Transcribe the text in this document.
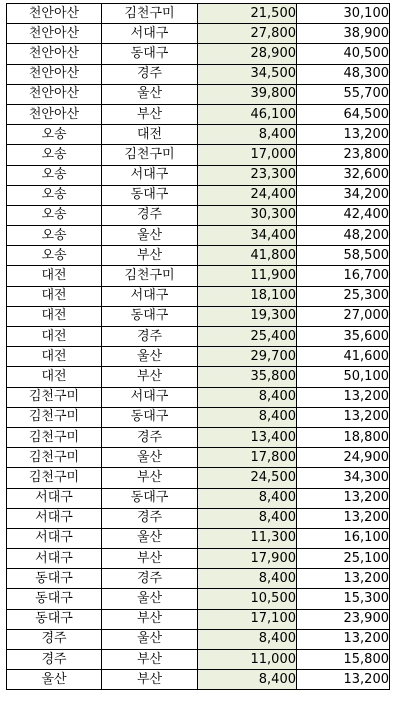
천안아산	김천구미	21,500	30,100
천안아산	서대구	27,800	38,900
천안아산	동대구	28,900	40,500
천안아산	경주	34,500	48,300
천안아산	울산	39,800	55,700
천안아산	부산	46,100	64,500
오송	대전	8,400	13,200
오송	김천구미	17,000	23,800
오송	서대구	23,300	32,600
오송	동대구	24,400	34,200
오송	경주	30,300	42,400
오송	울산	34,400	48,200
오송	부산	41,800	58,500
대전	김천구미	11,900	16,700
대전	서대구	18,100	25,300
대전	동대구	19,300	27,000
대전	경주	25,400	35,600
대전	울산	29,700	41,600
대전	부산	35,800	50,100
김천구미	서대구	8,400	13,200
김천구미	동대구	8,400	13,200
김천구미	경주	13,400	18,800
김천구미	울산	17,800	24,900
김천구미	부산	24,500	34,300
서대구	동대구	8,400	13,200
서대구	경주	8,400	13,200
서대구	울산	11,300	16,100
서대구	부산	17,900	25,100
동대구	경주	8,400	13,200
동대구	울산	10,500	15,300
동대구	부산	17,100	23,900
경주	울산	8,400	13,200
경주	부산	11,000	15,800
울산	부산	8,400	13,200
